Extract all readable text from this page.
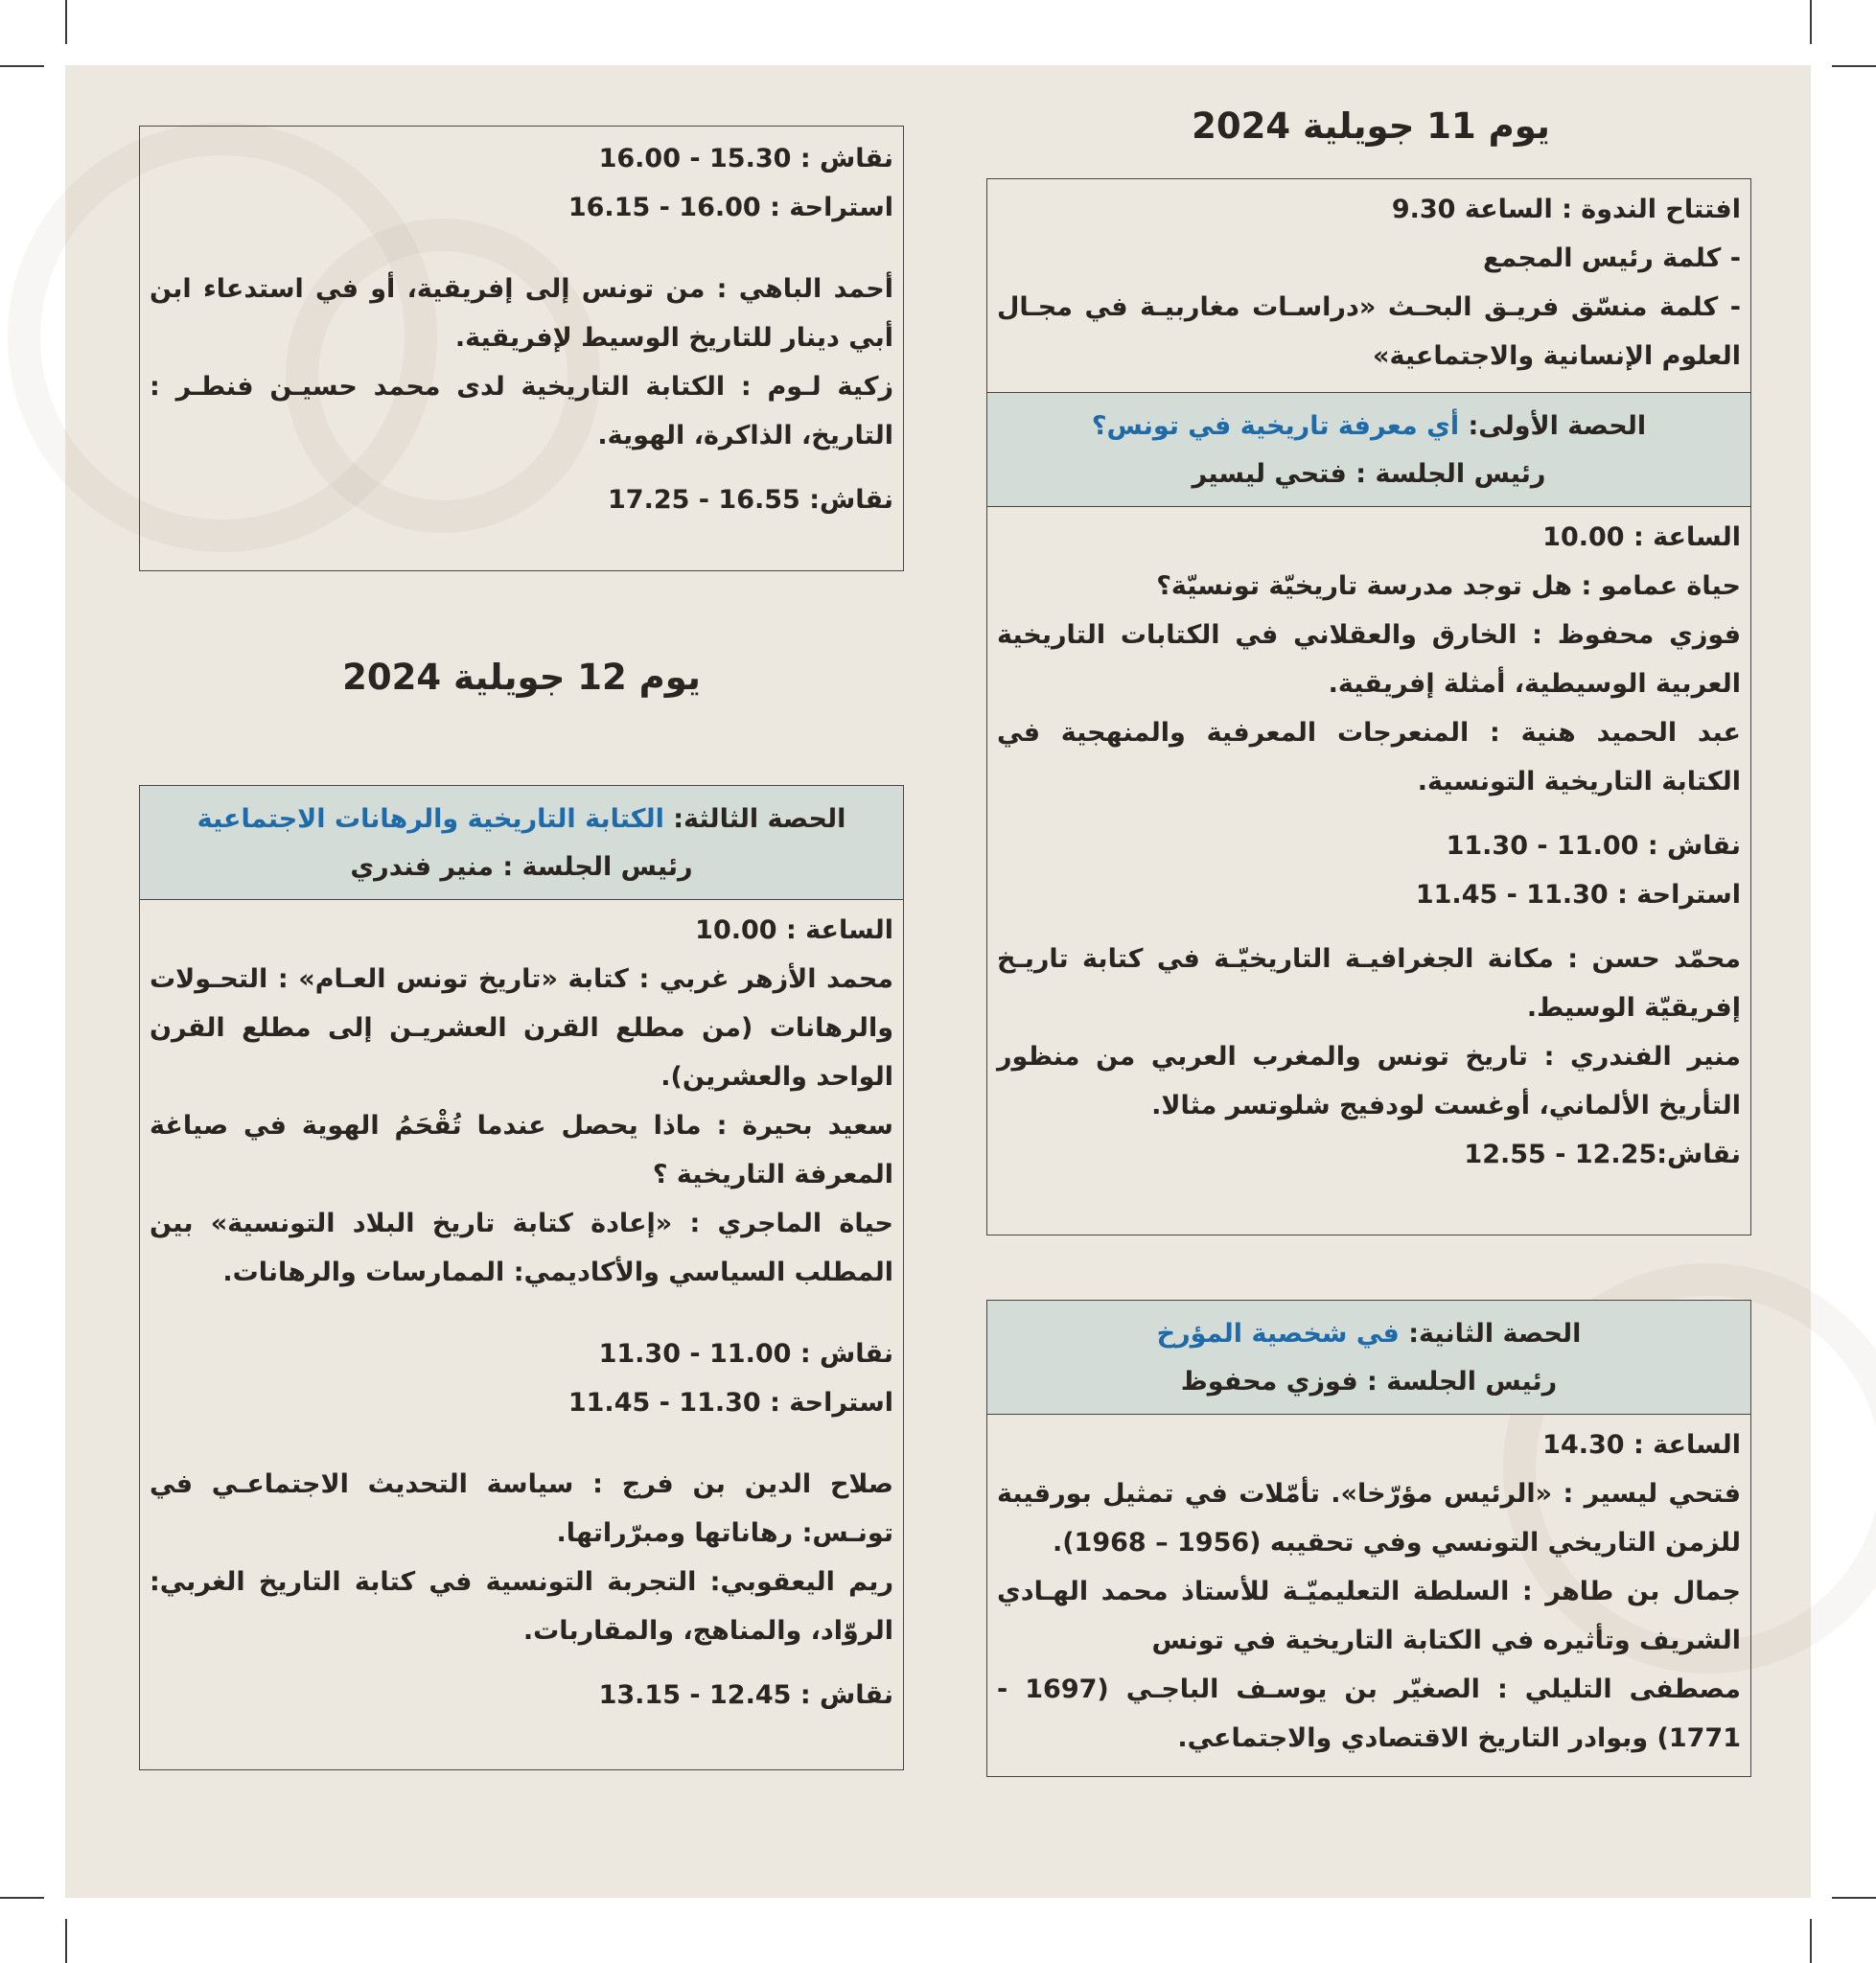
يوم 11 جويلية 2024
افتتاح الندوة : الساعة 9.30
- كلمة رئيس المجمع
- كلمة منسّق فريـق البحـث «دراسـات مغاربيـة في مجـال العلوم الإنسانية والاجتماعية»
الحصة الأولى: أي معرفة تاريخية في تونس؟
رئيس الجلسة : فتحي ليسير
الساعة : 10.00
حياة عمامو : هل توجد مدرسة تاريخيّة تونسيّة؟
فوزي محفوظ : الخارق والعقلاني في الكتابات التاريخية العربية الوسيطية، أمثلة إفريقية.
عبد الحميد هنية : المنعرجات المعرفية والمنهجية في الكتابة التاريخية التونسية.
نقاش : 11.00 - 11.30
استراحة : 11.30 - 11.45
محمّد حسن : مكانة الجغرافيـة التاريخيّـة في كتابة تاريـخ إفريقيّة الوسيط.
منير الفندري : تاريخ تونس والمغرب العربي من منظور التأريخ الألماني، أوغست لودفيج شلوتسر مثالا.
نقاش:12.25 - 12.55
الحصة الثانية: في شخصية المؤرخ
رئيس الجلسة : فوزي محفوظ
الساعة : 14.30
فتحي ليسير : «الرئيس مؤرّخا». تأمّلات في تمثيل بورقيبة للزمن التاريخي التونسي وفي تحقيبه (1956 – 1968).
جمال بن طاهر : السلطة التعليميّـة للأستاذ محمد الهـادي الشريف وتأثيره في الكتابة التاريخية في تونس
مصطفى التليلي : الصغيّر بن يوسـف الباجـي (1697 - 1771) وبوادر التاريخ الاقتصادي والاجتماعي.
نقاش : 15.30 - 16.00
استراحة : 16.00 - 16.15
أحمد الباهي : من تونس إلى إفريقية، أو في استدعاء ابن أبي دينار للتاريخ الوسيط لإفريقية.
زكية لـوم : الكتابة التاريخية لدى محمد حسيـن فنطـر : التاريخ، الذاكرة، الهوية.
نقاش: 16.55 - 17.25
يوم 12 جويلية 2024
الحصة الثالثة: الكتابة التاريخية والرهانات الاجتماعية
رئيس الجلسة : منير فندري
الساعة : 10.00
محمد الأزهر غربي : كتابة «تاريخ تونس العـام» : التحـولات والرهانات (من مطلع القرن العشريـن إلى مطلع القرن الواحد والعشرين).
سعيد بحيرة : ماذا يحصل عندما تُقْحَمُ الهوية في صياغة المعرفة التاريخية ؟
حياة الماجري : «إعادة كتابة تاريخ البلاد التونسية» بين المطلب السياسي والأكاديمي: الممارسات والرهانات.
نقاش : 11.00 - 11.30
استراحة : 11.30 - 11.45
صلاح الدين بن فرج : سياسة التحديث الاجتماعـي في تونـس: رهاناتها ومبرّراتها.
ريم اليعقوبي: التجربة التونسية في كتابة التاريخ الغربي: الروّاد، والمناهج، والمقاربات.
نقاش : 12.45 - 13.15
